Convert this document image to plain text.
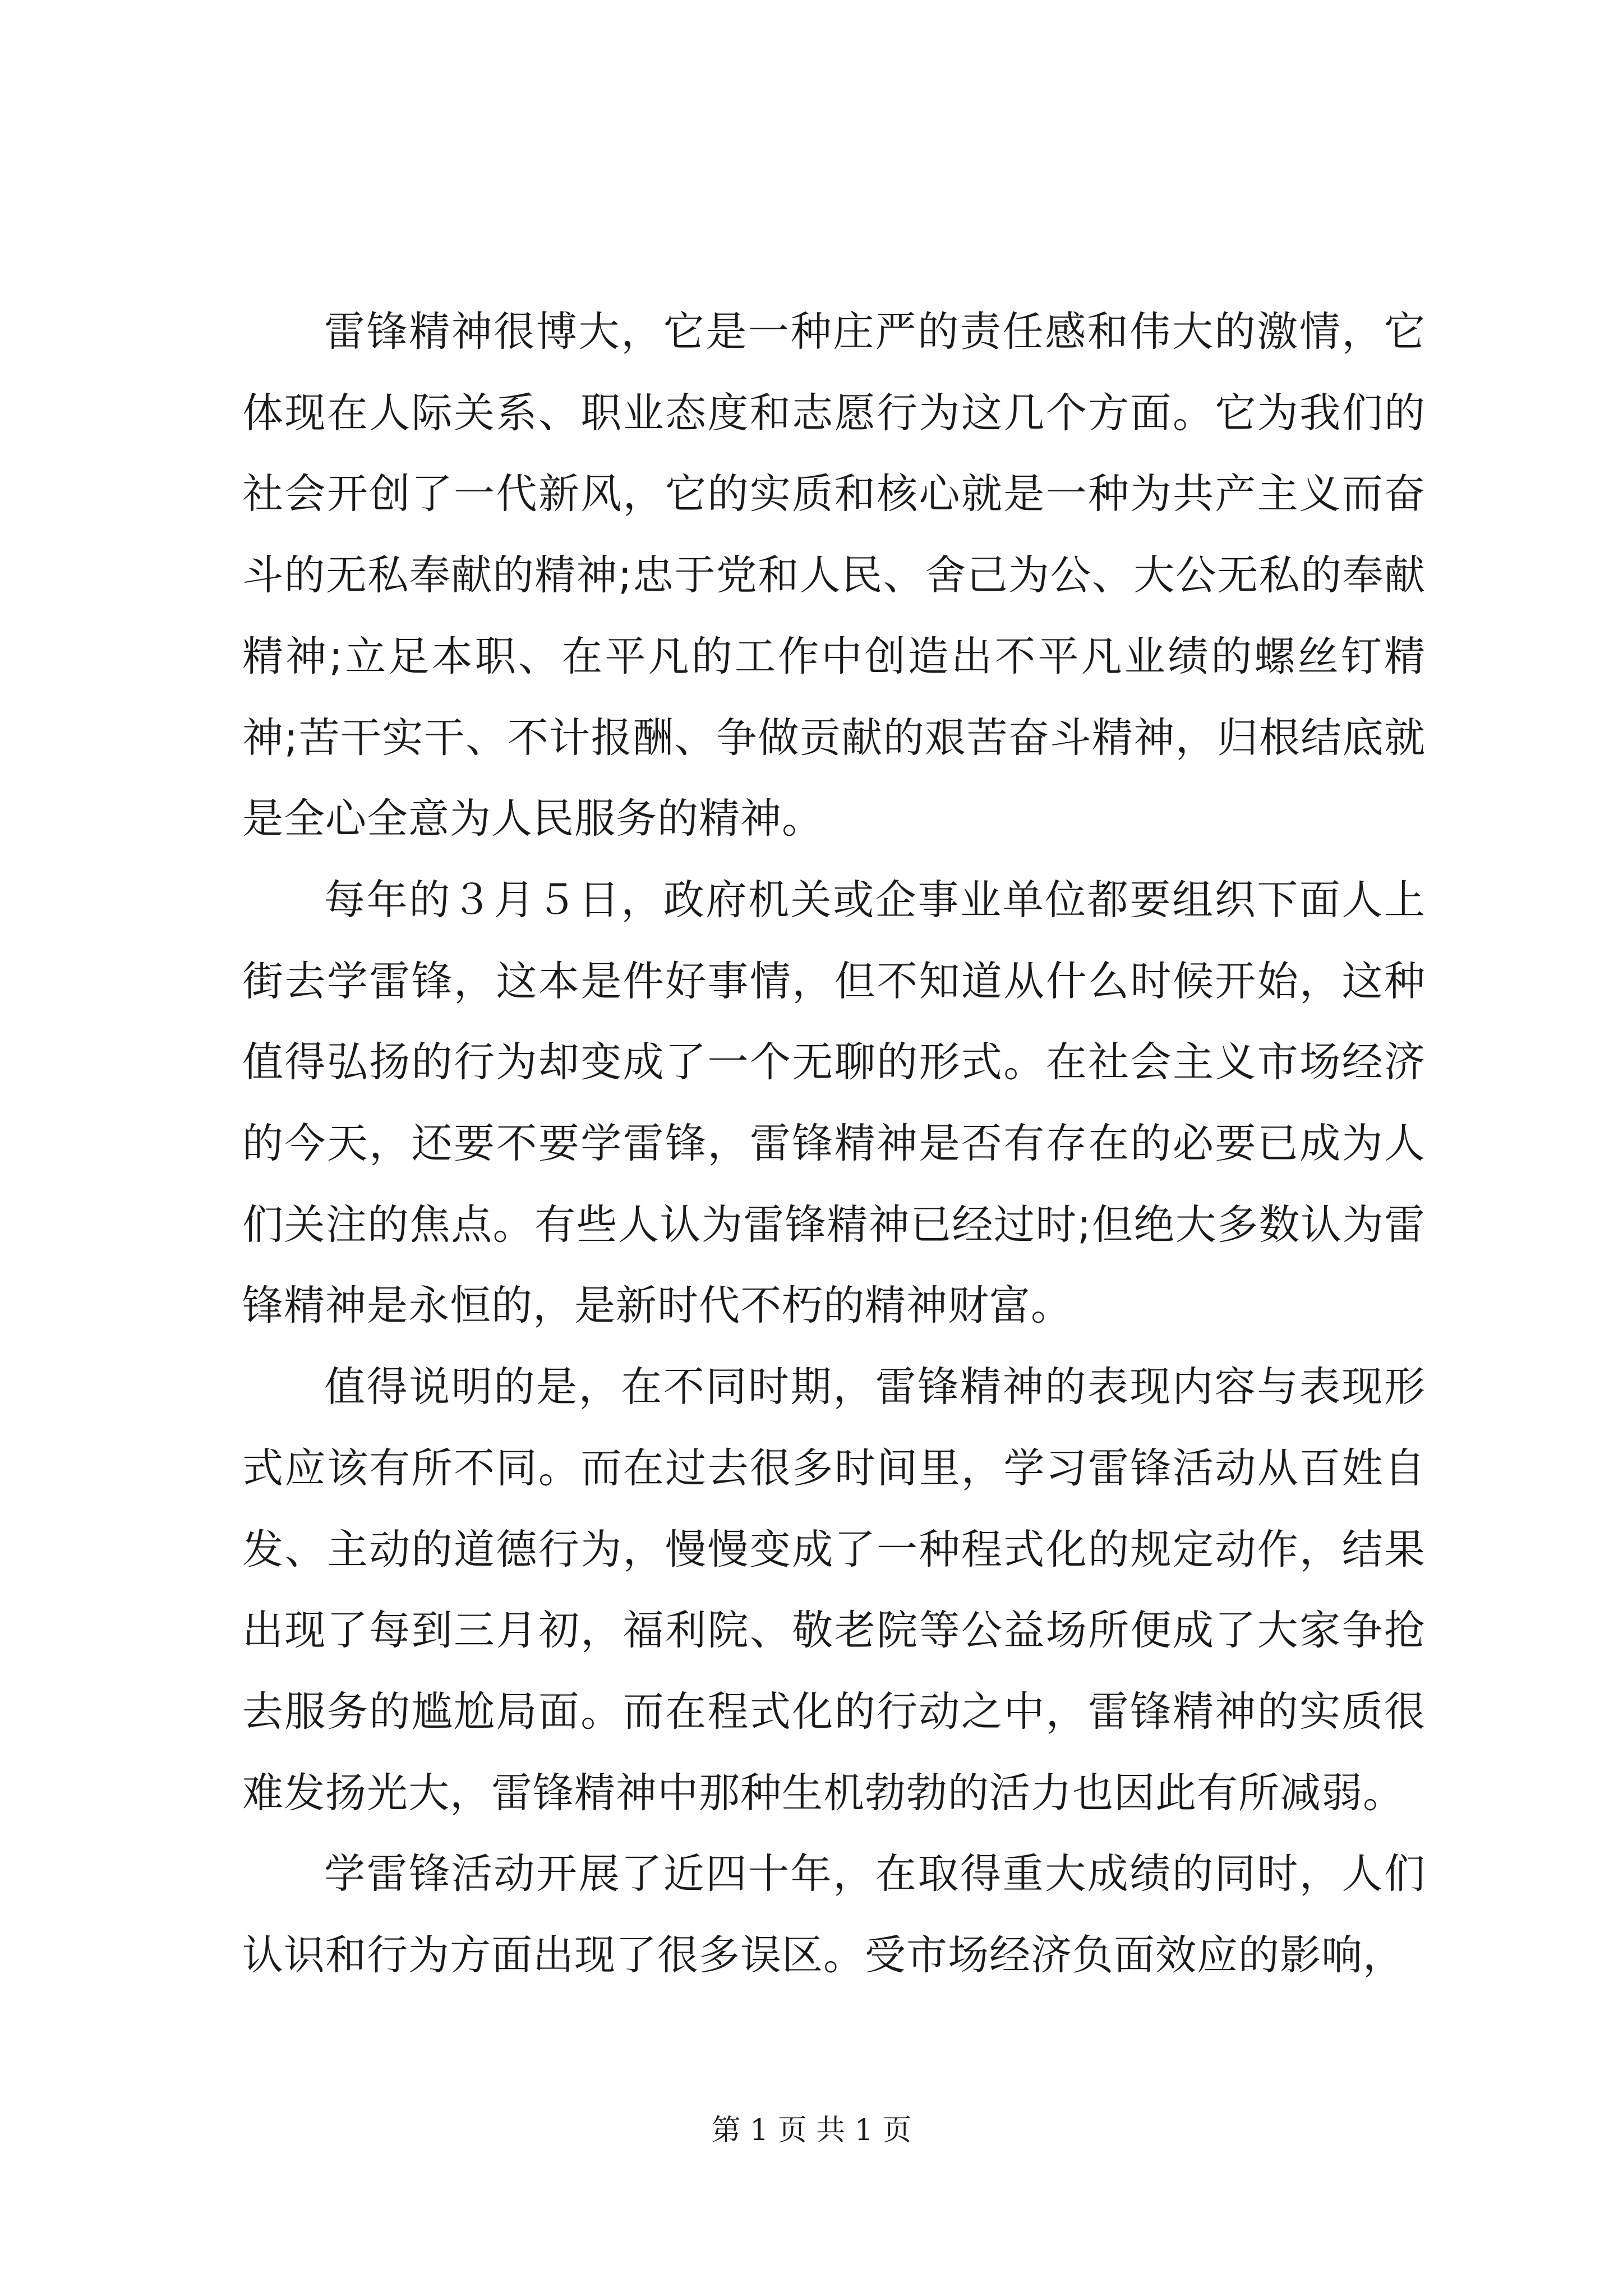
雷锋精神很博大，它是一种庄严的责任感和伟大的激情，它体现在人际关系、职业态度和志愿行为这几个方面。它为我们的社会开创了一代新风，它的实质和核心就是一种为共产主义而奋斗的无私奉献的精神;忠于党和人民、舍己为公、大公无私的奉献精神;立足本职、在平凡的工作中创造出不平凡业绩的螺丝钉精神;苦干实干、不计报酬、争做贡献的艰苦奋斗精神，归根结底就是全心全意为人民服务的精神。

每年的３月５日，政府机关或企事业单位都要组织下面人上街去学雷锋，这本是件好事情，但不知道从什么时候开始，这种值得弘扬的行为却变成了一个无聊的形式。在社会主义市场经济的今天，还要不要学雷锋，雷锋精神是否有存在的必要已成为人们关注的焦点。有些人认为雷锋精神已经过时;但绝大多数认为雷锋精神是永恒的，是新时代不朽的精神财富。

值得说明的是，在不同时期，雷锋精神的表现内容与表现形式应该有所不同。而在过去很多时间里，学习雷锋活动从百姓自发、主动的道德行为，慢慢变成了一种程式化的规定动作，结果出现了每到三月初，福利院、敬老院等公益场所便成了大家争抢去服务的尴尬局面。而在程式化的行动之中，雷锋精神的实质很难发扬光大，雷锋精神中那种生机勃勃的活力也因此有所减弱。

学雷锋活动开展了近四十年，在取得重大成绩的同时，人们认识和行为方面出现了很多误区。受市场经济负面效应的影响，

第 1 页 共 1 页
